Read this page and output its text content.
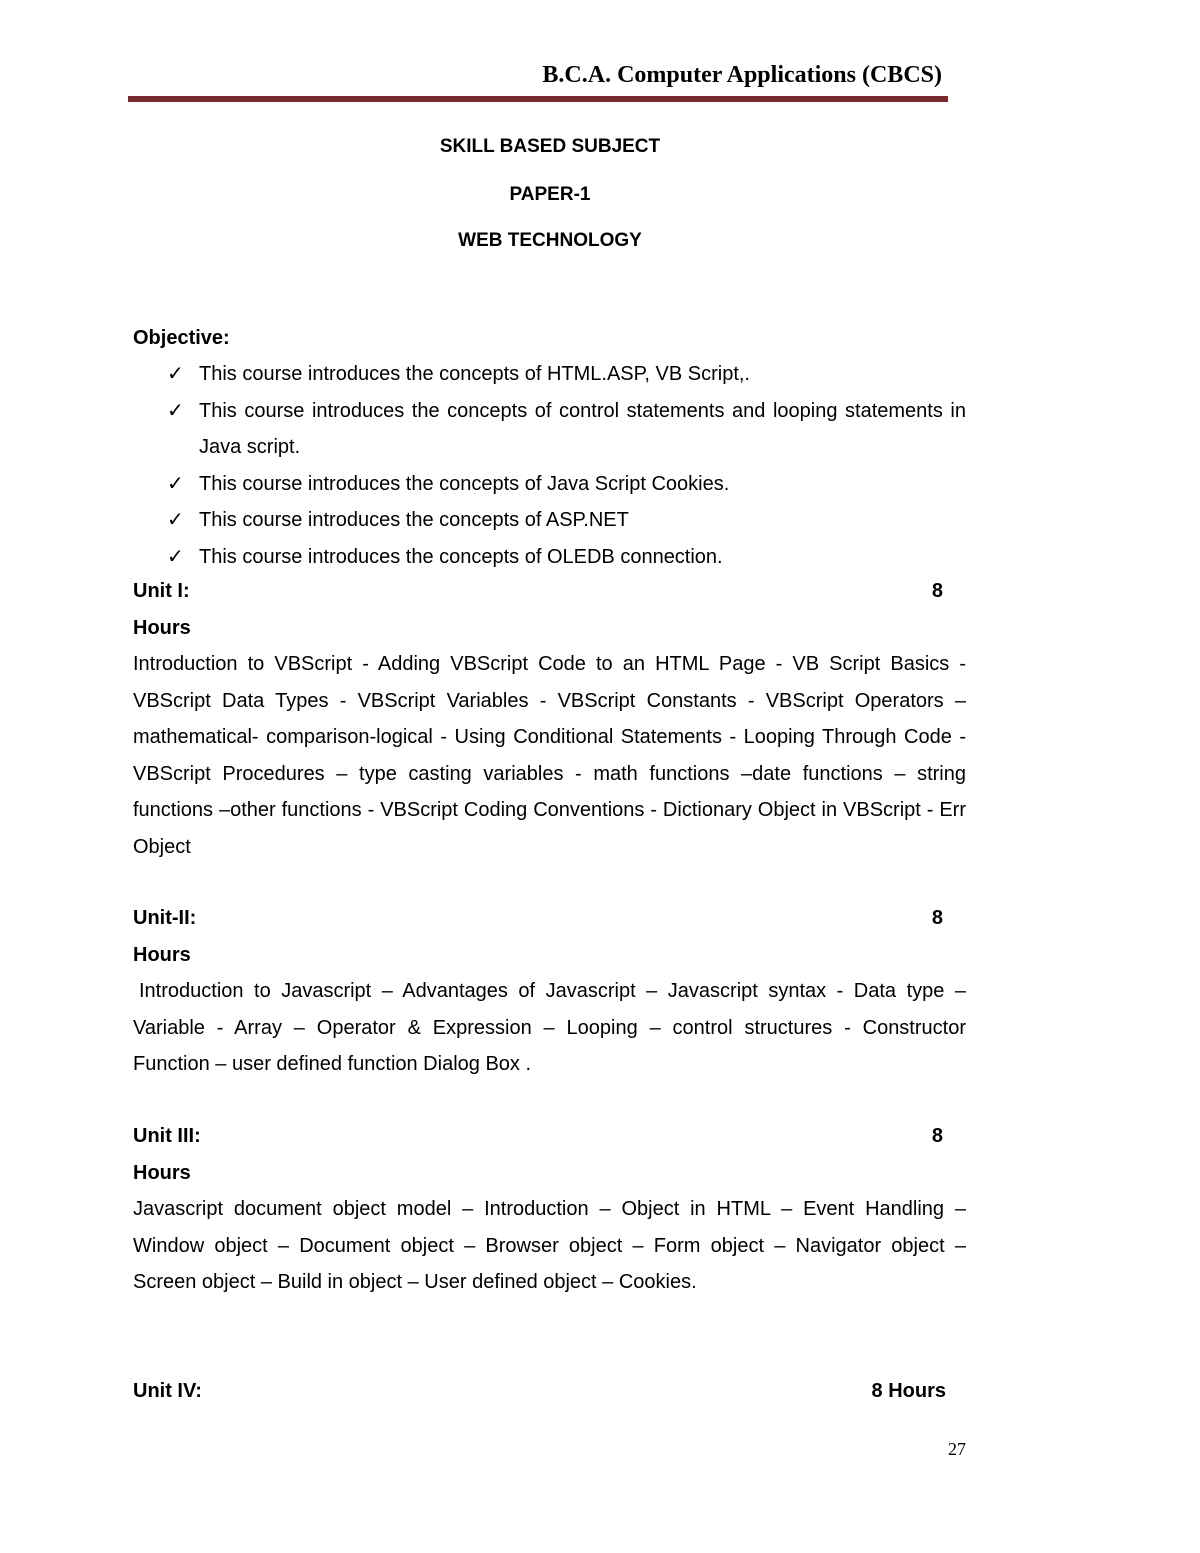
B.C.A. Computer Applications (CBCS)
SKILL BASED SUBJECT
PAPER-1
WEB TECHNOLOGY
Objective:
✓ This course introduces the concepts of HTML.ASP, VB Script,.
✓ This course introduces the concepts of control statements and looping statements in Java script.
✓ This course introduces the concepts of Java Script Cookies.
✓ This course introduces the concepts of ASP.NET
✓ This course introduces the concepts of OLEDB connection.
Unit I:	8
Hours
Introduction to VBScript - Adding VBScript Code to an HTML Page - VB Script Basics - VBScript Data Types - VBScript Variables - VBScript Constants - VBScript Operators – mathematical- comparison-logical - Using Conditional Statements - Looping Through Code - VBScript Procedures – type casting variables - math functions –date functions – string functions –other functions - VBScript Coding Conventions - Dictionary Object in VBScript - Err Object
Unit-II:	8
Hours
Introduction to Javascript – Advantages of Javascript – Javascript syntax - Data type –Variable - Array – Operator & Expression – Looping – control structures - Constructor Function – user defined function Dialog Box .
Unit III:	8
Hours
Javascript document object model – Introduction – Object in HTML – Event Handling – Window object – Document object – Browser object – Form object – Navigator object – Screen object – Build in object – User defined object – Cookies.
Unit IV:	8 Hours
27
